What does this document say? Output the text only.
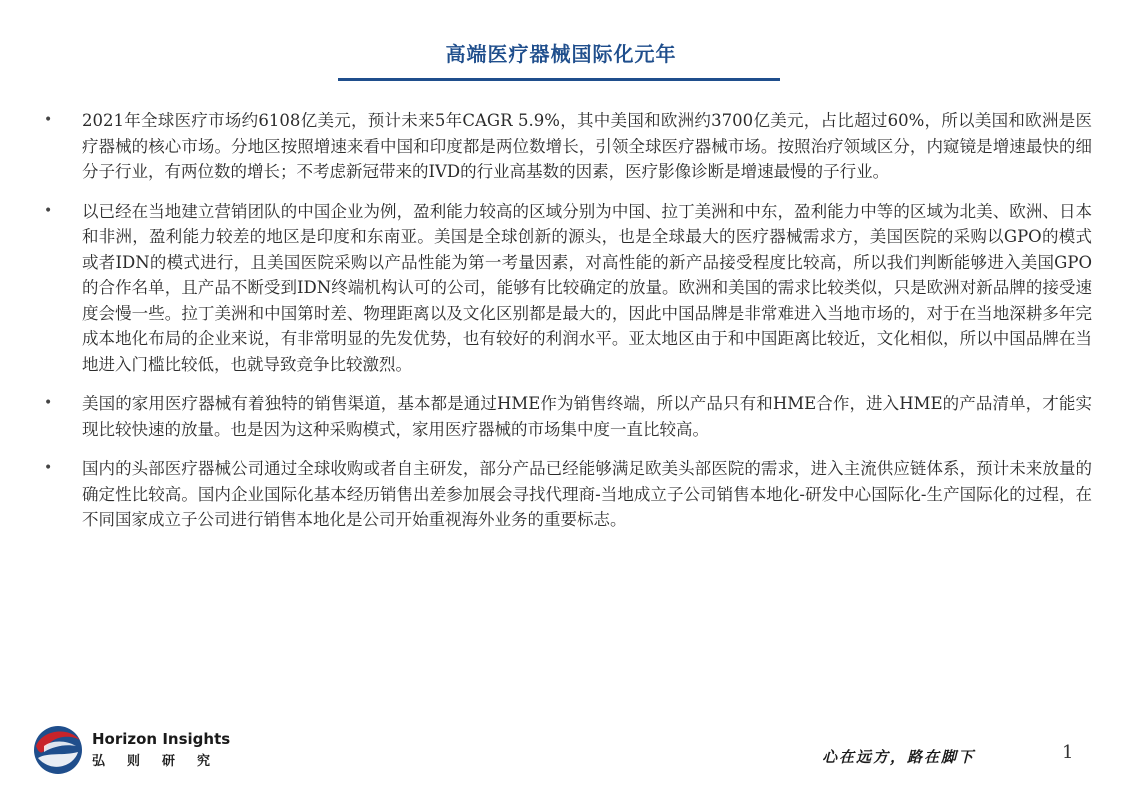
高端医疗器械国际化元年
• 2021年全球医疗市场约6108亿美元，预计未来5年CAGR 5.9%，其中美国和欧洲约3700亿美元，占比超过60%，所以美国和欧洲是医疗器械的核心市场。分地区按照增速来看中国和印度都是两位数增长，引领全球医疗器械市场。按照治疗领域区分，内窥镜是增速最快的细分子行业，有两位数的增长；不考虑新冠带来的IVD的行业高基数的因素，医疗影像诊断是增速最慢的子行业。
• 以已经在当地建立营销团队的中国企业为例，盈利能力较高的区域分别为中国、拉丁美洲和中东，盈利能力中等的区域为北美、欧洲、日本和非洲，盈利能力较差的地区是印度和东南亚。美国是全球创新的源头，也是全球最大的医疗器械需求方，美国医院的采购以GPO的模式或者IDN的模式进行，且美国医院采购以产品性能为第一考量因素，对高性能的新产品接受程度比较高，所以我们判断能够进入美国GPO的合作名单，且产品不断受到IDN终端机构认可的公司，能够有比较确定的放量。欧洲和美国的需求比较类似，只是欧洲对新品牌的接受速度会慢一些。拉丁美洲和中国第时差、物理距离以及文化区别都是最大的，因此中国品牌是非常难进入当地市场的，对于在当地深耕多年完成本地化布局的企业来说，有非常明显的先发优势，也有较好的利润水平。亚太地区由于和中国距离比较近，文化相似，所以中国品牌在当地进入门槛比较低，也就导致竞争比较激烈。
• 美国的家用医疗器械有着独特的销售渠道，基本都是通过HME作为销售终端，所以产品只有和HME合作，进入HME的产品清单，才能实现比较快速的放量。也是因为这种采购模式，家用医疗器械的市场集中度一直比较高。
• 国内的头部医疗器械公司通过全球收购或者自主研发，部分产品已经能够满足欧美头部医院的需求，进入主流供应链体系，预计未来放量的确定性比较高。国内企业国际化基本经历销售出差参加展会寻找代理商-当地成立子公司销售本地化-研发中心国际化-生产国际化的过程，在不同国家成立子公司进行销售本地化是公司开始重视海外业务的重要标志。
Horizon Insights
弘则研究	心在远方，路在脚下	1
